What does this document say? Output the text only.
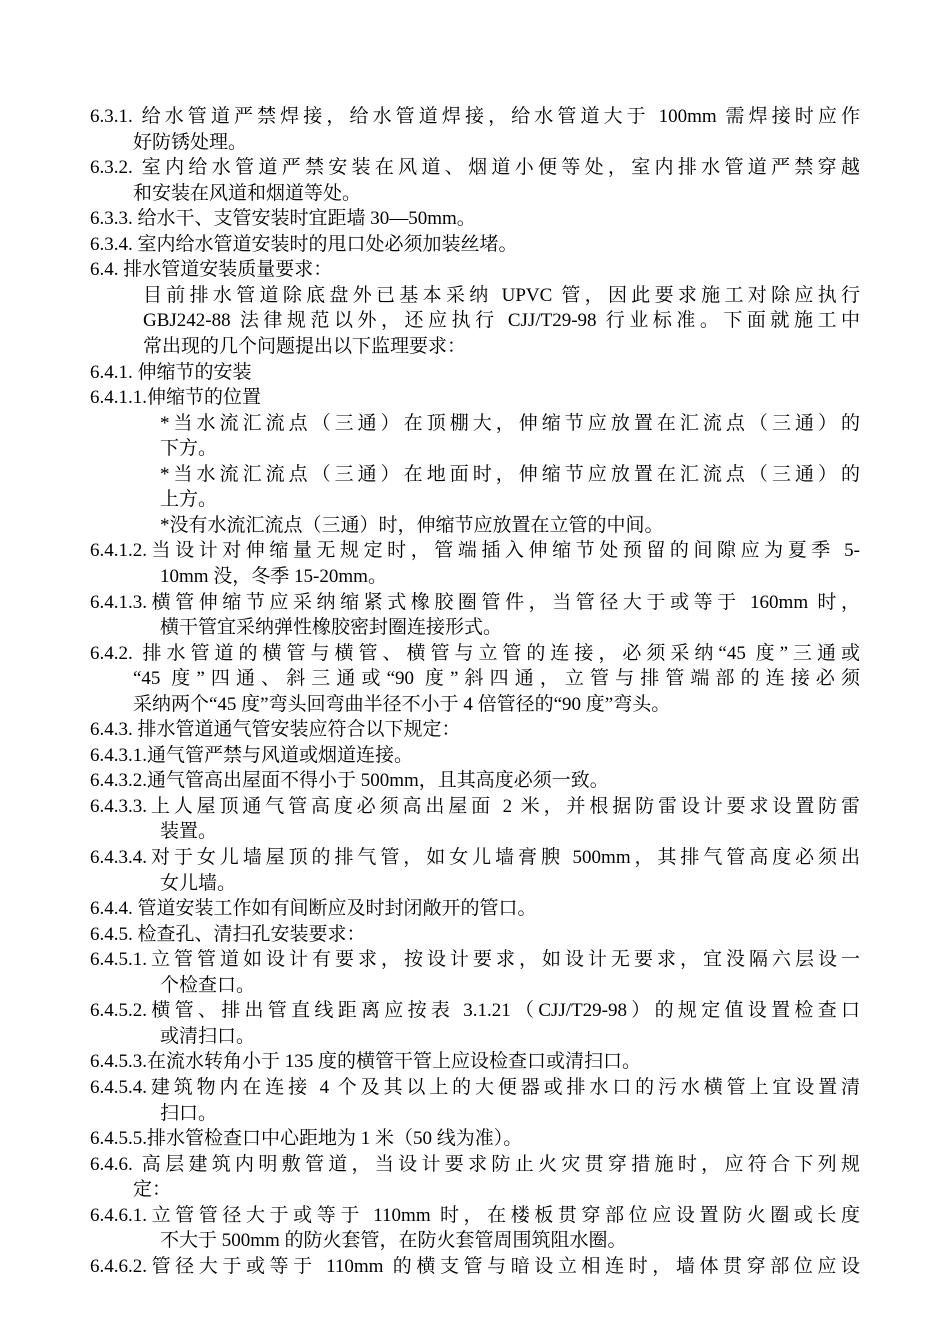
6.3.1. 给水管道严禁焊接，给水管道焊接，给水管道大于 100mm 需焊接时应作
好防锈处理。
6.3.2. 室内给水管道严禁安装在风道、烟道小便等处，室内排水管道严禁穿越
和安装在风道和烟道等处。
6.3.3. 给水干、支管安装时宜距墙 30—50mm。
6.3.4. 室内给水管道安装时的甩口处必须加装丝堵。
6.4. 排水管道安装质量要求：
目前排水管道除底盘外已基本采纳 UPVC 管，因此要求施工对除应执行
GBJ242-88 法律规范以外，还应执行 CJJ/T29-98 行业标准。下面就施工中
常出现的几个问题提出以下监理要求：
6.4.1. 伸缩节的安装
6.4.1.1.伸缩节的位置
*当水流汇流点（三通）在顶棚大，伸缩节应放置在汇流点（三通）的
下方。
*当水流汇流点（三通）在地面时，伸缩节应放置在汇流点（三通）的
上方。
*没有水流汇流点（三通）时，伸缩节应放置在立管的中间。
6.4.1.2.当设计对伸缩量无规定时，管端插入伸缩节处预留的间隙应为夏季 5-
10mm 没，冬季 15-20mm。
6.4.1.3.横管伸缩节应采纳缩紧式橡胶圈管件，当管径大于或等于 160mm 时，
横干管宜采纳弹性橡胶密封圈连接形式。
6.4.2. 排水管道的横管与横管、横管与立管的连接，必须采纳“45 度”三通或
“45 度”四通、斜三通或“90 度”斜四通，立管与排管端部的连接必须
采纳两个“45 度”弯头回弯曲半径不小于 4 倍管径的“90 度”弯头。
6.4.3. 排水管道通气管安装应符合以下规定：
6.4.3.1.通气管严禁与风道或烟道连接。
6.4.3.2.通气管高出屋面不得小于 500mm，且其高度必须一致。
6.4.3.3.上人屋顶通气管高度必须高出屋面 2 米，并根据防雷设计要求设置防雷
装置。
6.4.3.4.对于女儿墙屋顶的排气管，如女儿墙膏腴 500mm，其排气管高度必须出
女儿墙。
6.4.4. 管道安装工作如有间断应及时封闭敞开的管口。
6.4.5. 检查孔、清扫孔安装要求：
6.4.5.1.立管管道如设计有要求，按设计要求，如设计无要求，宜没隔六层设一
个检查口。
6.4.5.2.横管、排出管直线距离应按表 3.1.21（CJJ/T29-98）的规定值设置检查口
或清扫口。
6.4.5.3.在流水转角小于 135 度的横管干管上应设检查口或清扫口。
6.4.5.4.建筑物内在连接 4 个及其以上的大便器或排水口的污水横管上宜设置清
扫口。
6.4.5.5.排水管检查口中心距地为 1 米（50 线为准）。
6.4.6. 高层建筑内明敷管道，当设计要求防止火灾贯穿措施时，应符合下列规
定：
6.4.6.1.立管管径大于或等于 110mm 时，在楼板贯穿部位应设置防火圈或长度
不大于 500mm 的防火套管，在防火套管周围筑阻水圈。
6.4.6.2.管径大于或等于 110mm 的横支管与暗设立相连时，墙体贯穿部位应设
